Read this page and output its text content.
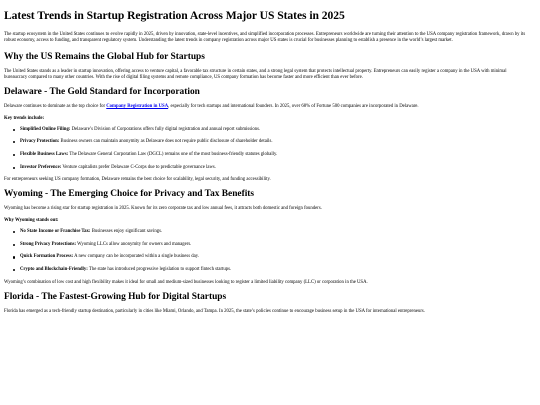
Latest Trends in Startup Registration Across Major US States in 2025

The startup ecosystem in the United States continues to evolve rapidly in 2025, driven by innovation, state-level incentives, and simplified incorporation processes. Entrepreneurs worldwide are turning their attention to the USA company registration framework, drawn by its robust economy, access to funding, and transparent regulatory system. Understanding the latest trends in company registration across major US states is crucial for businesses planning to establish a presence in the world’s largest market.

Why the US Remains the Global Hub for Startups

The United States stands as a leader in startup innovation, offering access to venture capital, a favorable tax structure in certain states, and a strong legal system that protects intellectual property. Entrepreneurs can easily register a company in the USA with minimal bureaucracy compared to many other countries. With the rise of digital filing systems and remote compliance, US company formation has become faster and more efficient than ever before.

Delaware - The Gold Standard for Incorporation

Delaware continues to dominate as the top choice for Company Registration in USA, especially for tech startups and international founders. In 2025, over 68% of Fortune 500 companies are incorporated in Delaware.

Key trends include:

Simplified Online Filing: Delaware’s Division of Corporations offers fully digital registration and annual report submissions.
Privacy Protection: Business owners can maintain anonymity as Delaware does not require public disclosure of shareholder details.
Flexible Business Laws: The Delaware General Corporation Law (DGCL) remains one of the most business-friendly statutes globally.
Investor Preference: Venture capitalists prefer Delaware C-Corps due to predictable governance laws.

For entrepreneurs seeking US company formation, Delaware remains the best choice for scalability, legal security, and funding accessibility.

Wyoming - The Emerging Choice for Privacy and Tax Benefits

Wyoming has become a rising star for startup registration in 2025. Known for its zero corporate tax and low annual fees, it attracts both domestic and foreign founders.

Why Wyoming stands out:

No State Income or Franchise Tax: Businesses enjoy significant savings.
Strong Privacy Protections: Wyoming LLCs allow anonymity for owners and managers.
Quick Formation Process: A new company can be incorporated within a single business day.
Crypto and Blockchain-Friendly: The state has introduced progressive legislation to support fintech startups.

Wyoming’s combination of low cost and high flexibility makes it ideal for small and medium-sized businesses looking to register a limited liability company (LLC) or corporation in the USA.

Florida - The Fastest-Growing Hub for Digital Startups

Florida has emerged as a tech-friendly startup destination, particularly in cities like Miami, Orlando, and Tampa. In 2025, the state’s policies continue to encourage business setup in the USA for international entrepreneurs.
